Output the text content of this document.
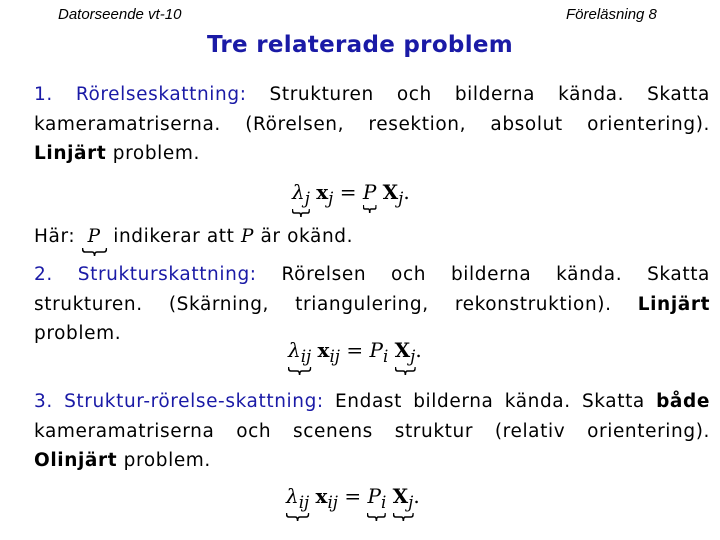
Datorseende vt-10	Föreläsning 8
Tre relaterade problem
1. Rörelseskattning: Strukturen och bilderna kända. Skatta kameramatriserna. (Rörelsen, resektion, absolut orientering). Linjärt problem.
$\lambda_j$ $x_j = P$ $X_j$.
Här: P indikerar att P är okänd.
2. Strukturskattning: Rörelsen och bilderna kända. Skatta strukturen. (Skärning, triangulering, rekonstruktion). Linjärt problem.
$\lambda_{ij}$ $x_{ij} = P_i$ $X_j$
.
3. Struktur-rörelse-skattning: Endast bilderna kända. Skatta både kameramatriserna och scenens struktur (relativ orientering). Olinjärt problem.
$\lambda_{ij}$ $x_{ij} = P_i$ $X_j$
.
